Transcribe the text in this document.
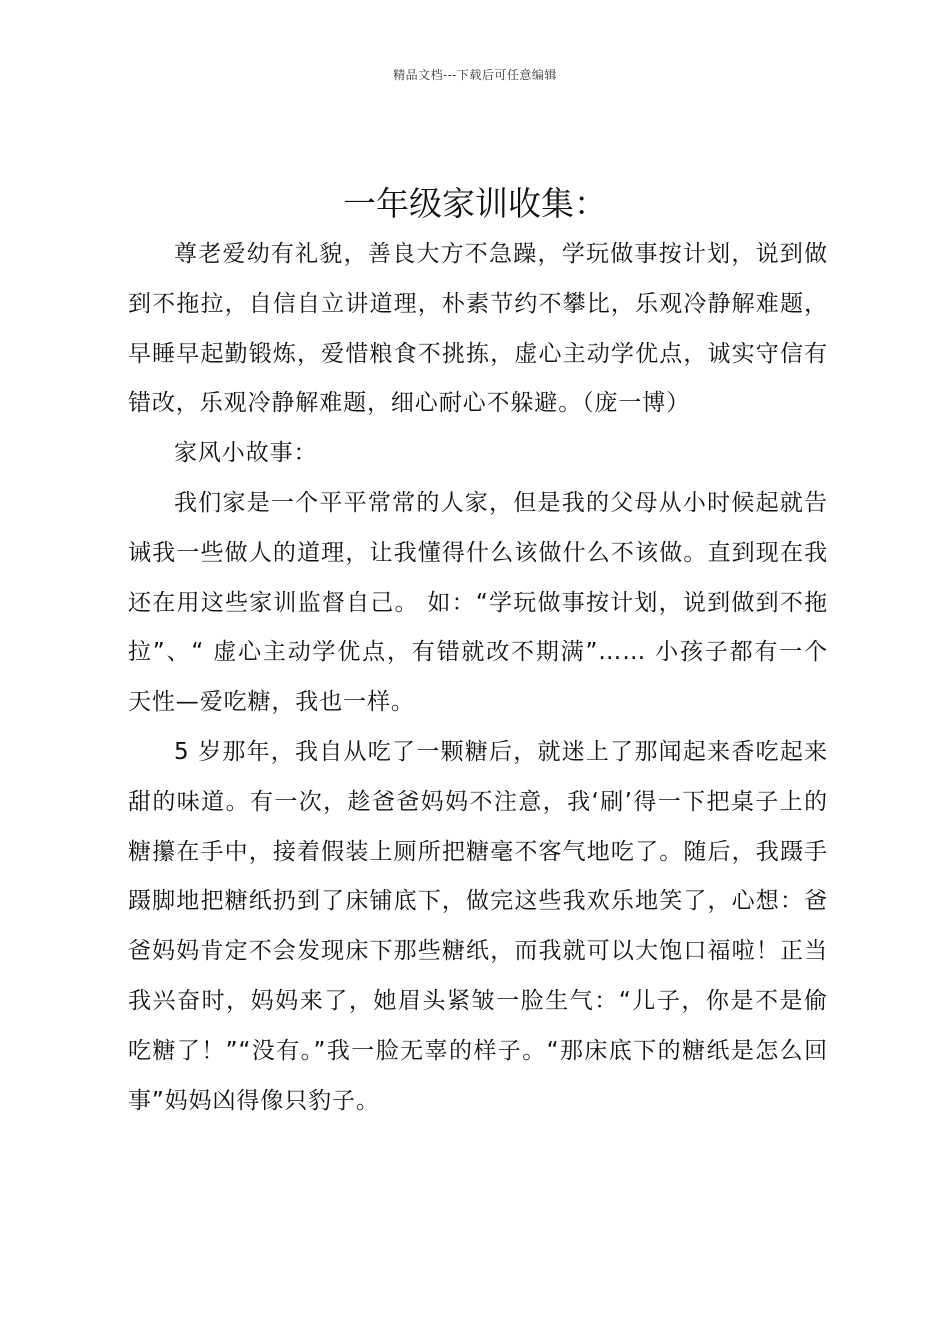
精品文档---下载后可任意编辑
一年级家训收集：

尊老爱幼有礼貌，善良大方不急躁，学玩做事按计划，说到做到不拖拉，自信自立讲道理，朴素节约不攀比，乐观冷静解难题，早睡早起勤锻炼，爱惜粮食不挑拣，虚心主动学优点，诚实守信有错改，乐观冷静解难题，细心耐心不躲避。（庞一博）

家风小故事：

我们家是一个平平常常的人家，但是我的父母从小时候起就告诫我一些做人的道理，让我懂得什么该做什么不该做。直到现在我还在用这些家训监督自己。 如：“学玩做事按计划，说到做到不拖拉”、“ 虚心主动学优点，有错就改不期满”…… 小孩子都有一个天性—爱吃糖，我也一样。

5 岁那年，我自从吃了一颗糖后，就迷上了那闻起来香吃起来甜的味道。有一次，趁爸爸妈妈不注意，我‘刷’得一下把桌子上的糖攥在手中，接着假装上厕所把糖毫不客气地吃了。随后，我蹑手蹑脚地把糖纸扔到了床铺底下，做完这些我欢乐地笑了，心想：爸爸妈妈肯定不会发现床下那些糖纸，而我就可以大饱口福啦！正当我兴奋时，妈妈来了，她眉头紧皱一脸生气：“儿子，你是不是偷吃糖了！”“没有。”我一脸无辜的样子。“那床底下的糖纸是怎么回事”妈妈凶得像只豹子。
